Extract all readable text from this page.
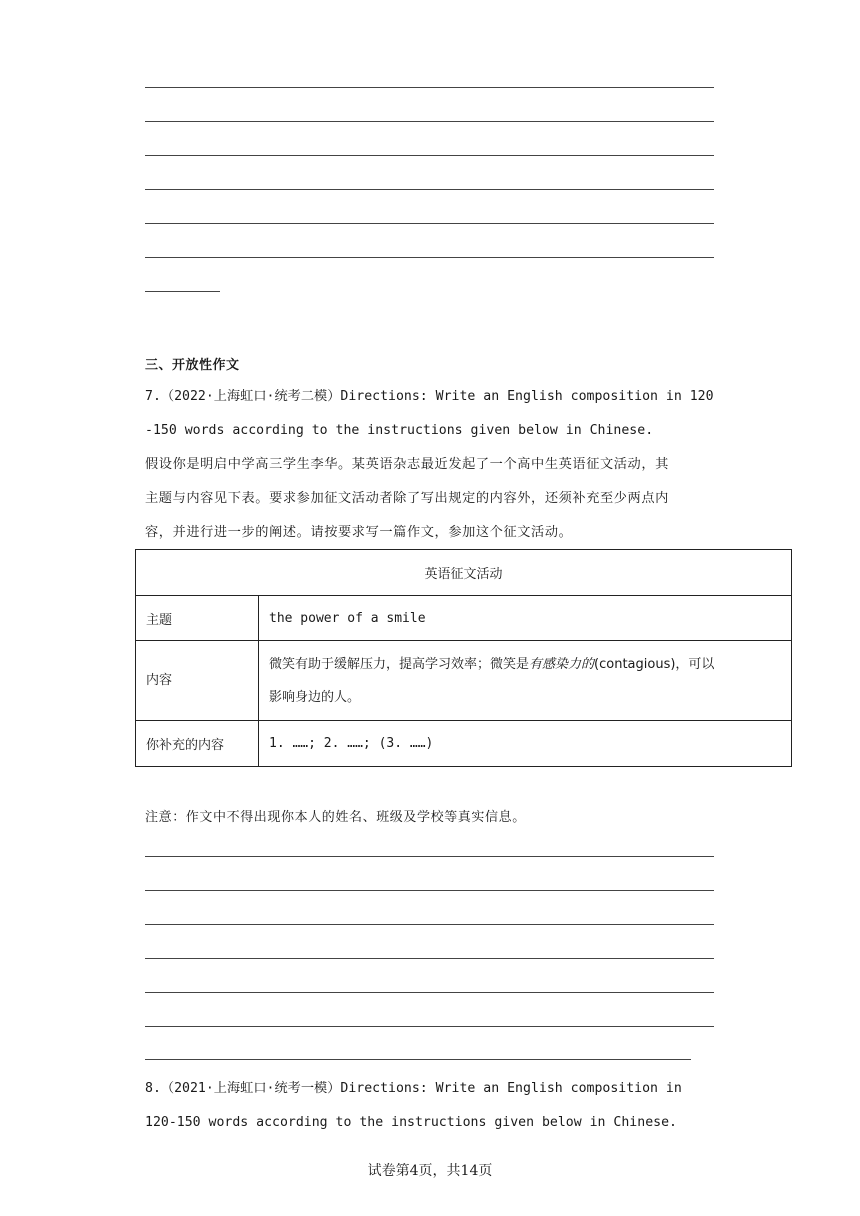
三、开放性作文
7.（2022·上海虹口·统考二模）Directions: Write an English composition in 120
-150 words according to the instructions given below in Chinese.
假设你是明启中学高三学生李华。某英语杂志最近发起了一个高中生英语征文活动，其
主题与内容见下表。要求参加征文活动者除了写出规定的内容外，还须补充至少两点内
容，并进行进一步的阐述。请按要求写一篇作文，参加这个征文活动。
英语征文活动	
主题	the power of a smile
内容	微笑有助于缓解压力，提高学习效率；微笑是有感染力的(contagious)，可以
影响身边的人。
你补充的内容	1. ……; 2. ……; (3. ……)
注意：作文中不得出现你本人的姓名、班级及学校等真实信息。
8.（2021·上海虹口·统考一模）Directions: Write an English composition in
120-150 words according to the instructions given below in Chinese.
试卷第4页，共14页
